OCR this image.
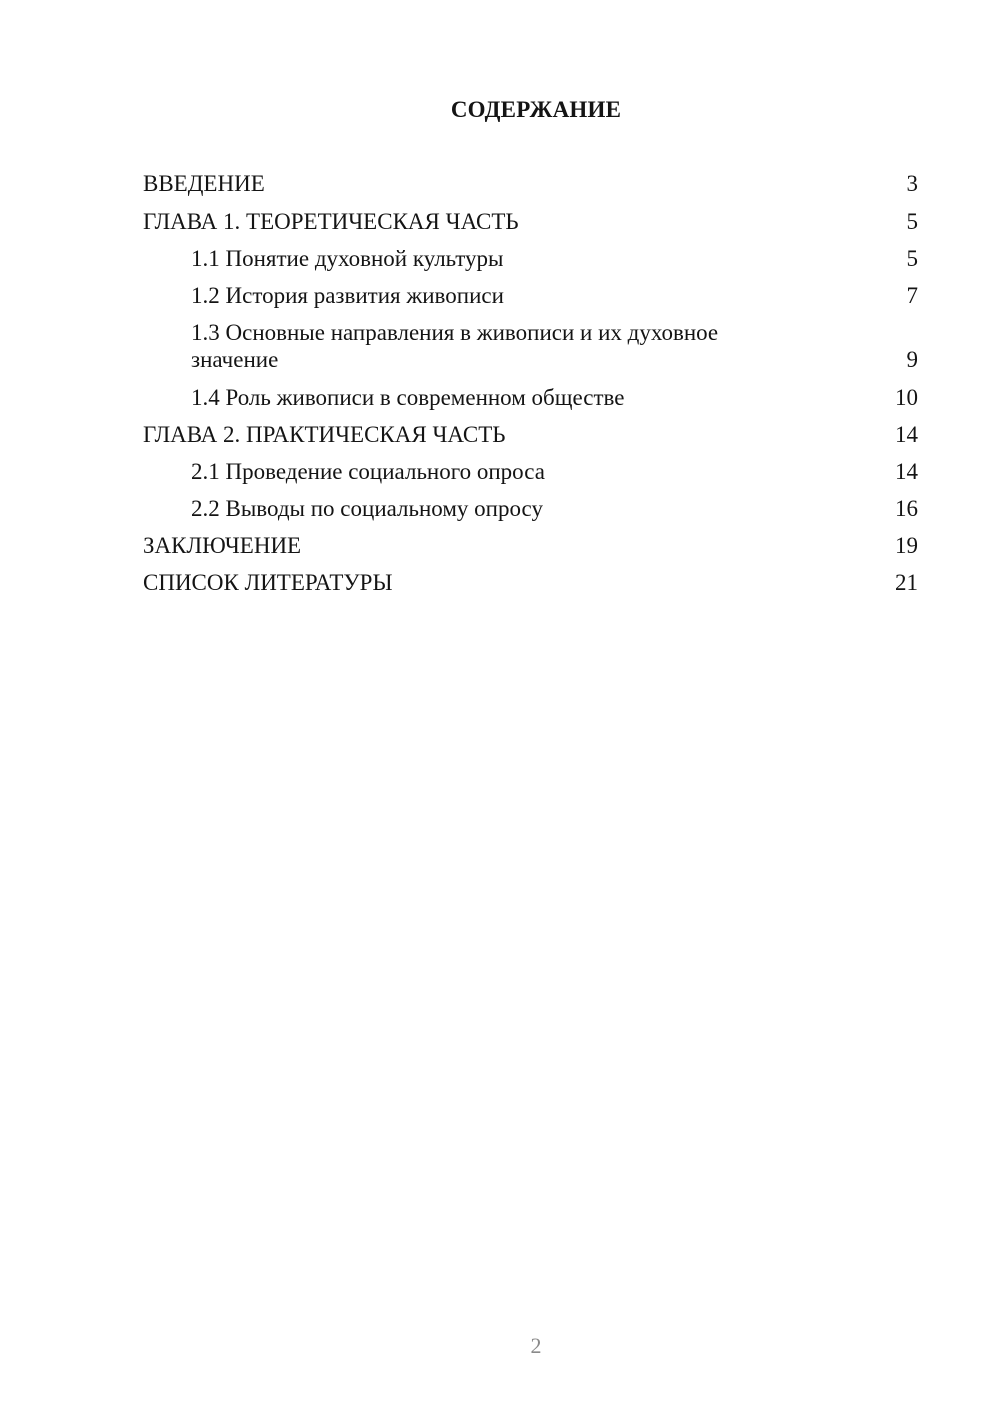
СОДЕРЖАНИЕ
ВВЕДЕНИЕ	3
ГЛАВА 1. ТЕОРЕТИЧЕСКАЯ ЧАСТЬ	5
1.1 Понятие духовной культуры	5
1.2 История развития живописи	7
1.3 Основные направления в живописи и их духовное
значение	9
1.4 Роль живописи в современном обществе	10
ГЛАВА 2. ПРАКТИЧЕСКАЯ ЧАСТЬ	14
2.1 Проведение социального опроса	14
2.2 Выводы по социальному опросу	16
ЗАКЛЮЧЕНИЕ	19
СПИСОК ЛИТЕРАТУРЫ	21
2
